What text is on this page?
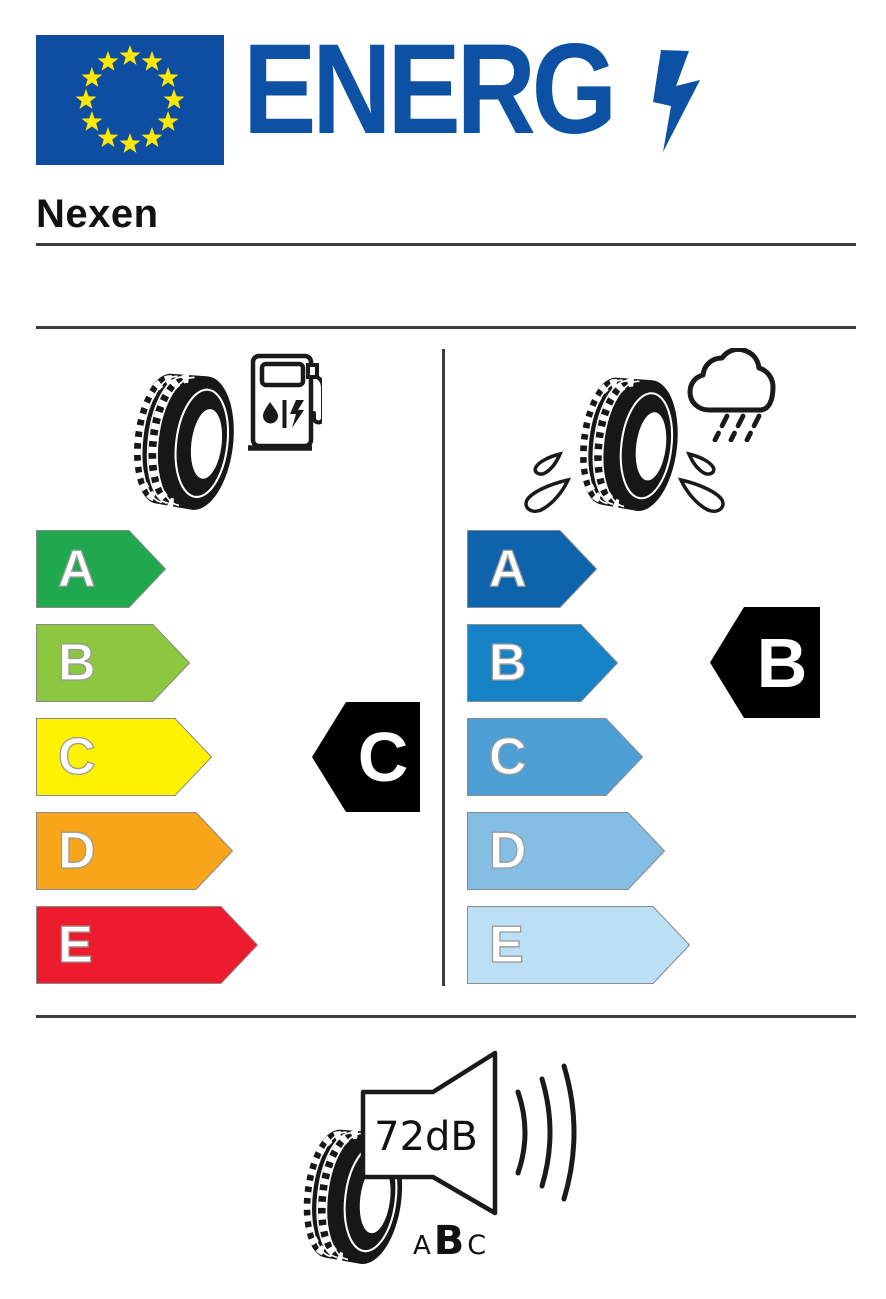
ENERG
Nexen
A
B
C
D
E
C
A
B
C
D
E
B
72dB
A B C
